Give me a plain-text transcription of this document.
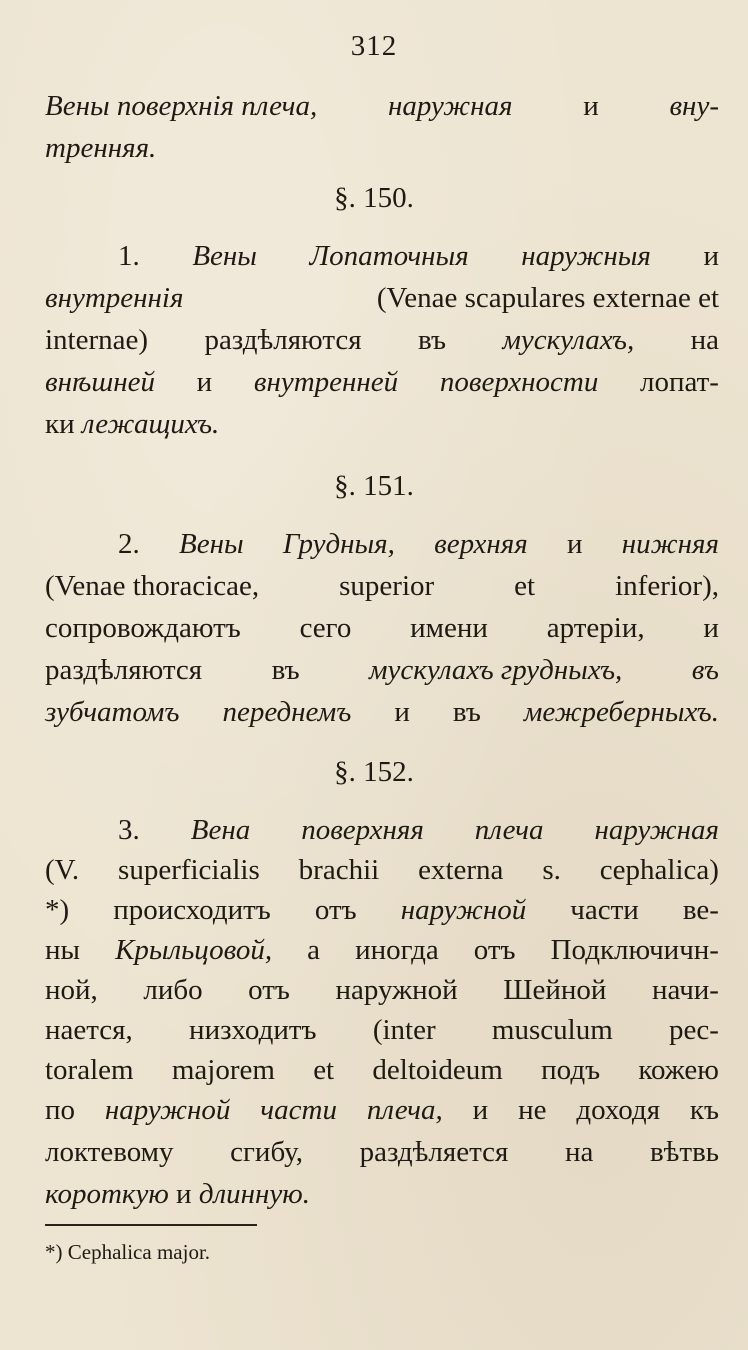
312
Вены поверхнія плеча, наружная и вну-
тренняя.
§. 150.
1. Вены Лопаточныя наружныя и
внутреннія	(Venae scapulares externae et
internae) раздѣляются въ мускулахъ, на
внѣшней и внутренней поверхности лопат-
ки лежащихъ.
§. 151.
2. Вены Грудныя, верхняя и нижняя
(Venae thoracicae,	superior	et	inferior),
сопровождаютъ сего имени артеріи, и
раздѣляются въ мускулахъ грудныхъ, въ
зубчатомъ переднемъ и въ межреберныхъ.
§. 152.
3. Вена поверхняя плеча наружная
(V. superficialis brachii externa s. cephalica)
*) происходитъ отъ наружной части ве-
ны Крыльцовой, а иногда отъ Подключичн-
ной, либо отъ наружной Шейной начи-
нается, низходитъ (inter musculum pec-
toralem majorem et deltoideum подъ кожею
по наружной части плеча, и не доходя къ
локтевому сгибу, раздѣляется на вѣтвь
короткую и длинную.
*) Cephalica major.
